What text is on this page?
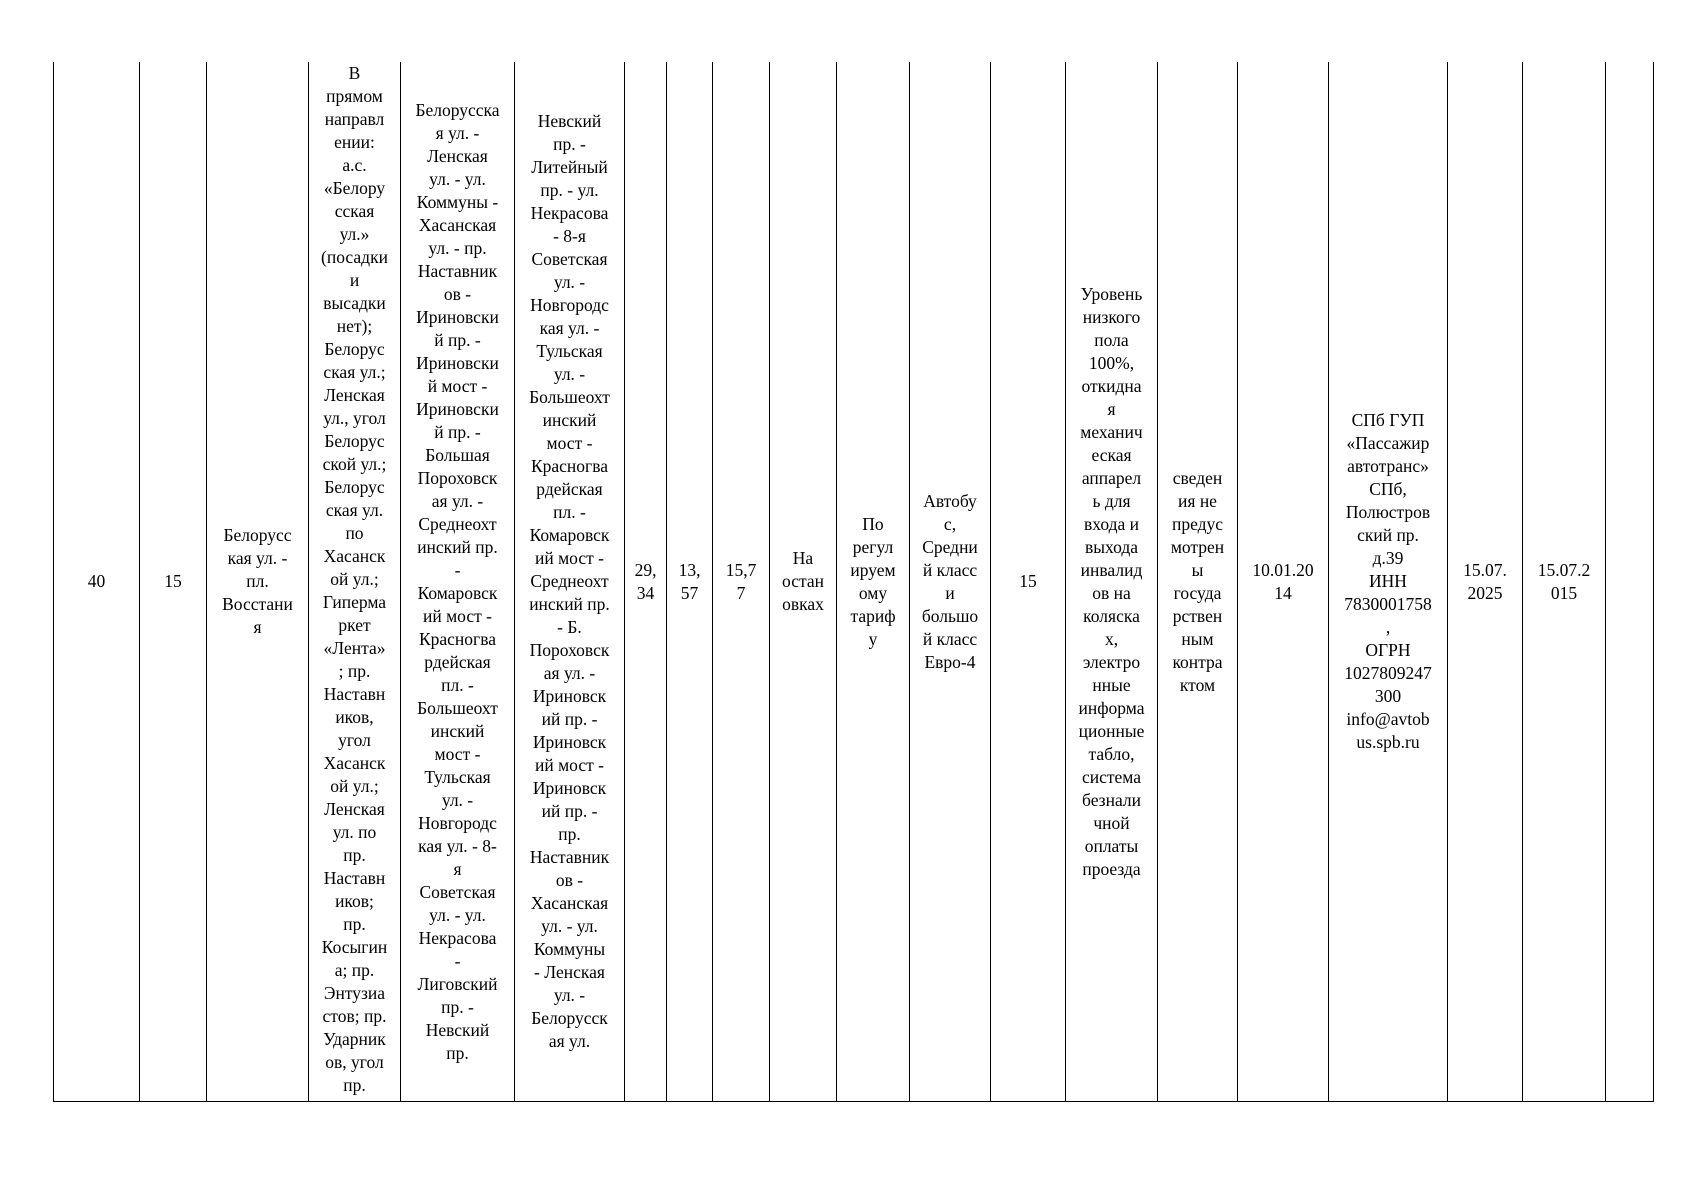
40	15	Белорусс
кая ул. -
пл.
Восстани
я	В
прямом
направл
ении:
а.с.
«Белору
сская
ул.»
(посадки
и
высадки
нет);
Белорус
ская ул.;
Ленская
ул., угол
Белорус
ской ул.;
Белорус
ская ул.
по
Хасанск
ой ул.;
Гиперма
ркет
«Лента»
; пр.
Наставн
иков,
угол
Хасанск
ой ул.;
Ленская
ул. по
пр.
Наставн
иков;
пр.
Косыгин
а; пр.
Энтузиа
стов; пр.
Ударник
ов, угол
пр.	Белорусска
я ул. -
Ленская
ул. - ул.
Коммуны -
Хасанская
ул. - пр.
Наставник
ов -
Ириновски
й пр. -
Ириновски
й мост -
Ириновски
й пр. -
Большая
Пороховск
ая ул. -
Среднеохт
инский пр.
-
Комаровск
ий мост -
Красногва
рдейская
пл. -
Большеохт
инский
мост -
Тульская
ул. -
Новгородс
кая ул. - 8-
я
Советская
ул. - ул.
Некрасова
-
Лиговский
пр. -
Невский
пр.	Невский
пр. -
Литейный
пр. - ул.
Некрасова
- 8-я
Советская
ул. -
Новгородс
кая ул. -
Тульская
ул. -
Большеохт
инский
мост -
Красногва
рдейская
пл. -
Комаровск
ий мост -
Среднеохт
инский пр.
- Б.
Пороховск
ая ул. -
Ириновск
ий пр. -
Ириновск
ий мост -
Ириновск
ий пр. -
пр.
Наставник
ов -
Хасанская
ул. - ул.
Коммуны
- Ленская
ул. -
Белорусск
ая ул.	29,
34	13,
57	15,7
7	На
остан
овках	По
регул
ируем
ому
тариф
у	Автобу
с,
Средни
й класс
и
большо
й класс
Евро-4	15	Уровень
низкого
пола
100%,
откидна
я
механич
еская
аппарел
ь для
входа и
выхода
инвалид
ов на
коляска
х,
электро
нные
информа
ционные
табло,
система
безнали
чной
оплаты
проезда	сведен
ия не
предус
мотрен
ы
госуда
рствен
ным
контра
ктом	10.01.20
14	СПб ГУП
«Пассажир
автотранс»
СПб,
Полюстров
ский пр.
д.39
ИНН
7830001758
,
ОГРН
1027809247
300
info@avtob
us.spb.ru	15.07.
2025	15.07.2
015	
